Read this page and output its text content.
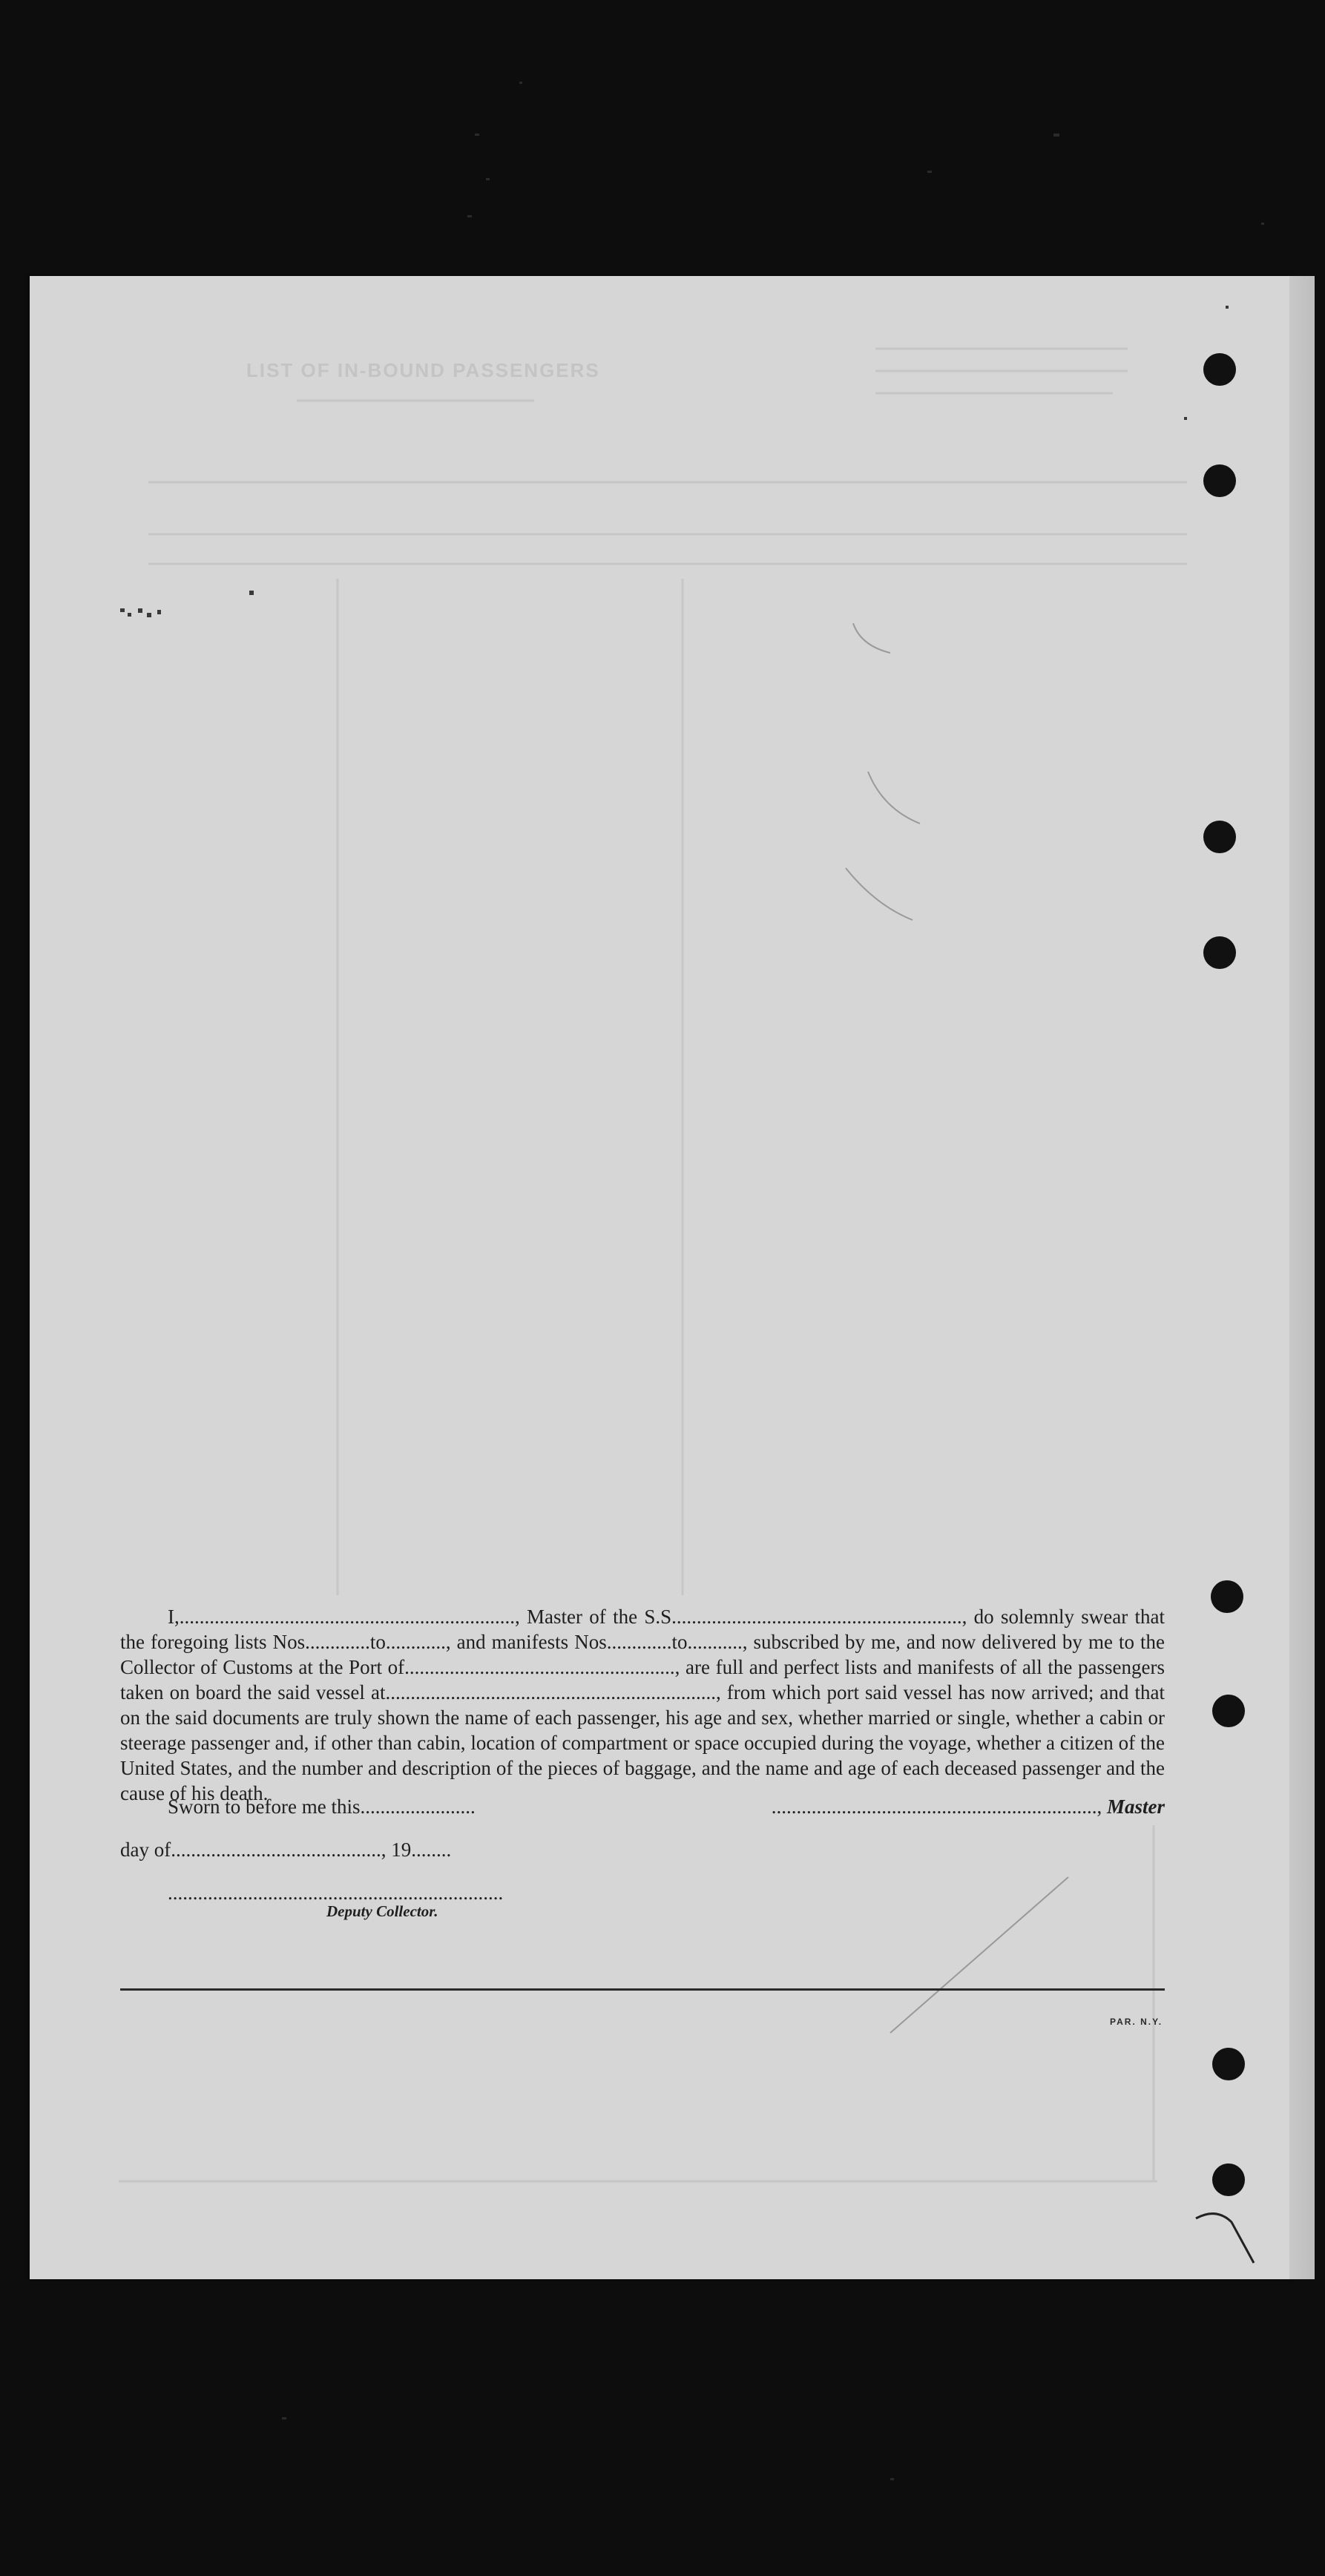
LIST OF IN-BOUND PASSENGERS

I,..................................................................., Master of the S.S.........................................................., do solemnly swear that the foregoing lists Nos.............to............, and manifests Nos.............to..........., subscribed by me, and now delivered by me to the Collector of Customs at the Port of......................................................, are full and perfect lists and manifests of all the passengers taken on board the said vessel at.................................................................., from which port said vessel has now arrived; and that on the said documents are truly shown the name of each passenger, his age and sex, whether married or single, whether a cabin or steerage passenger and, if other than cabin, location of compartment or space occupied during the voyage, whether a citizen of the United States, and the number and description of the pieces of baggage, and the name and age of each deceased passenger and the cause of his death.

Sworn to before me this.......................	................................................................., Master
day of.........................................., 19........
...................................................................
Deputy Collector.
PAR. N.Y.
